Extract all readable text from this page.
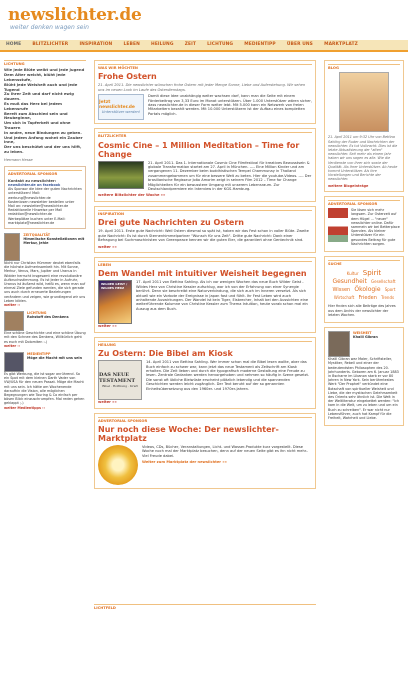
newslichter.de
weiter denken wagen sein
HOME	BLITZLICHTER	INSPIRATION	LEBEN	HEILUNG	ZEIT	LICHTUNG	MEDIENTIPP	ÜBER UNS	MARKTPLATZ
LICHTUNG
Wie jede Blüte welkt und jede Jugend
Dem Alter weicht, blüht jede Lebensstufe,
Blüht jede Weisheit auch und jede Tugend
Zu ihrer Zeit und darf nicht ewig dauern.
Es muß das Herz bei jedem Lebensrufe
Bereit zum Abschied sein und Neubeginne,
Um sich in Tapferkeit und ohne Trauern
In andre, neue Bindungen zu geben.
Und jedem Anfang wohnt ein Zauber inne,
Der uns beschützt und der uns hilft, zu leben.
Hermann Hesse
ADVERTORIAL SPONSOR
Kontakt zu newslichter:
newslichter.de on facebook
Als Sponsor die Idee der guten Nachrichten unterstützen! Mail: werbung@newslichter.de
Kostenlosen newsletter bestellen unter Mail an: newsletter@newslichter.de
Redaktionelle Hinweise per Mail redaktion@newslichter.de
Werbeplätze buchen unter E-Mail: marktplatz@newslichter.de
ZEITQUALITÄT
Himmlische Konstellationen mit Merkur, Jehle
Nicht nur Christian Hümmer deutet ebenfalls die höchste Aufmerksamkeit hin. Mit Sonne, Merkur, Venus, Mars, Jupiter und Uranus in Widder herrscht insgesamt eine revolutionäre Aufbruchsstimmung. Es ist Jeder in Aufruhr, Uranus ist äußerst wild, heißt es, wenn man auf einmal Ziele gefunden werden, die sich gerade uns auch durch erneuerte Beziehungen verändern und zeigen, wie grundlegend wir uns Leben bilden.
weiter ››
LICHTUNG
Rohstoff des Denkens
Eine schöne Geschichte und eine schöne Übung mit den Schnee des Denkens, Willkürlich geht es euch mit Dolomiten :-)
weiter ››
MEDIENTIPP
Möge die Macht mit uns sein
Es gibt Werbung, die ist sogar anrührend. So ein Spot mit dem kleinen Darth Vader von VW/USA für den neuen Passat. Möge die Macht mit uns sein. Ich hätte am Wochenende daraufhin die Vision, alle möglichen Begegnungen wie Touring & Co einfach per bösen Blick einzuschrumpfen. Mal reden gehen geklappt ;-)
weiter Medientipps ››
WAS WIR MÖCHTEN
Frohe Ostern

21. April 2011. Die newslichter wünschen frohe Ostern mit jeder Menge Sonne, Liebe und Auferstehung. Wir sehen uns im neuen Look im Laufe des Osterdienstags.

Jetzt newslichter.de
Unterstützer werden!

Damit diese Idee unabhängig weiter wachsen darf, kann man die Seite mit einem Förderbeitrag von 3,33 Euro im Monat unterstützen. Über 1.000 Unterstützer wären sicher, dass newslichter.de in dieser Form weiter lebt. Mit 5.000 kann ein Netzwerk von freien Mitarbeitern bezahlt werden. Mit 10.000 Unterstützern ist der Aufbau eines kompletten Portals möglich.

BLITZLICHTER
Cosmic Cine – 1 Million Meditation – Time for Change

21. April 2011. Das 1. Internationale Cosmic Cine Filmfestival für kreatives Bewusstsein & globale Transformation startet am 27. April in München. ---- Eine Million Kinder und am vergangenen 11. Dezember beim buddhistischen Tempel Chammunay in Thailand zusammengekommen um für eine bessere Welt zu beten. Hier die youtube-Videos. ---- Der brasilianische Regisseur João Amorim zeigt in seinem Film 2012 – Time for Change Möglichkeiten für ein bewusstere Umgang mit unserem Lebensraum. Zur Deutschlandpremiere ein Interview in der KGS-Hamburg.

weitere Blitzlichter der Woche »»
INSPIRATION
Drei gute Nachrichten zu Ostern

19. April 2011. Erste gute Nachricht: Weil Ostern diesmal so spät ist, haben wir das Fest schon in voller Blüte. Zweite gute Nachricht: Es ist durch Sternenhimmelpartner "Wunsch für uns Zeit". Dritte gute Nachricht: Dank einer Befragung bei Suchmaschinisten von Greenpeace kennen wir die guten Eier, die garantiert ohne Gentechnik sind.

weiter »»
LEBEN
Dem Wandel mit intuitiver Weisheit begegnen
WILDER GEIST / WILDES HERZ

17. April 2011 von Bettina Sahling. Als ich vor wenigen Wochen das neue Buch Wilder Geist - Wildes Herz von Christine Kessler aufschlug, war ich von der Erfahrung von einer Synergie berührt. Denn sie beschreibt eine Naturverbindung, die sich auch im Inneren versetzt. Als sich aktuell wie ein Vorbote der Ereignisse in Japan fast und fühlt. Ihr Fest Leben wird auch anhaltende Auswirkungen. Der Wandel ist kein Tiger, Eisbrecher, Inhalt bei den Aussichten eine weiterführende Kolumne von Christine Kessler zum Thema Intuition, heute vorab schon mal ein Auszug aus dem Buch.

weiter »»
HEILUNG
Zu Ostern: Die Bibel am Kiosk
DAS NEUE TESTAMENT
Bibel · Hoffnung · Kraft

14. April 2011 von Bettina Sahling. Wer immer schon mal die Bibel lesen wollte, aber das Buch einfach zu schwer war, kann jetzt das neue Testament als Zeitschrift am Kiosk erhalten. Die Zeit lieben und durch die typografisch moderne Gestaltung eine Freude zu lesen. Zentrale Gedanken werden hervorgehoben und nehmen so häufig in Szene gesetzt. Die sonst oft übliche Bleiwüste erscheint plötzlich lebendig und die spannenden Geschichten werden leicht zugänglich. Der Text beruht auf der so genannten Einheitsübersetzung aus den 1960er- und 1970er-Jahren.

weiter »»
ADVERTORIAL SPONSOR
Nur noch diese Woche: Der newslichter-Marktplatz

Videos, CDs, Bücher, Veranstaltungen, Licht- und Wasser-Produkte kurz vorgestellt. Diese Woche noch mal der Marktplatz besuchen, denn auf der neuen Seite gibt es ihn nicht mehr.. Viel Freude dabei.

Weiter zum Marktplatz der newslichter »»
LICHTFELD
BLOG

21. April 2011 um 9:32 Uhr von Bettina Sahling der Ruder und Nachrichten der newslichter. Es tut Volbracht. Dies ist die letzte Aktualisierung der "alten" newslichter. Seit mehr als einem Jahr haben wir uns sagen es alle. Wie die Verdienste von Ihrer sich sowie der Qualität. Als Ihrer Unterstützer. Ab heute kommt Unterstützer. Als ihre Vorstellungen und Berichte der newslichter.

weitere Blogeinträge
ADVERTORIAL SPONSOR

Sie lösen sich mehr langsam. Zur Osterzeit auf dem Hügel ... "neuer" newslichter online. Dafür sammeln wir bei Betterplace Spenden. Als kleiner Unterstützer für ein gesundes Beitrag für gute Nachrichten sorgen.

SUCHE
Kultur Spirit Gesundheit Gesellschaft Wissen Ökologie Sport Wirtschaft Frieden Trends

Hier finden sich alle Beiträge des Jahres aus dem Archiv der newslichter der letzten Wochen.

WEISHEIT
Khalil Gibran

Khalil Gibran war Maler, Schriftsteller, Mystiker, Rebell und einer der bedeutendsten Philosophen des 20. Jahrhunderts. Geboren am 6. Januar 1883 in Bscharre im Libanon starb er vor 80 Jahren in New York. Sein berühmtestes Werk "Der Prophet" verkündet eine Botschaft von spiritueller Weisheit und Liebe, die der mystischen Gelehrsamkeit des Orients sehr ähnlich ist. Die Welt in der Weltliteratur eingebettet werden: "Ich kam in die Welt, um zu leben und um ein Buch zu schreiben". Er war nicht nur Lebensführer, auch hat Kampf für die Freiheit, Wahrheit und Liebe.
